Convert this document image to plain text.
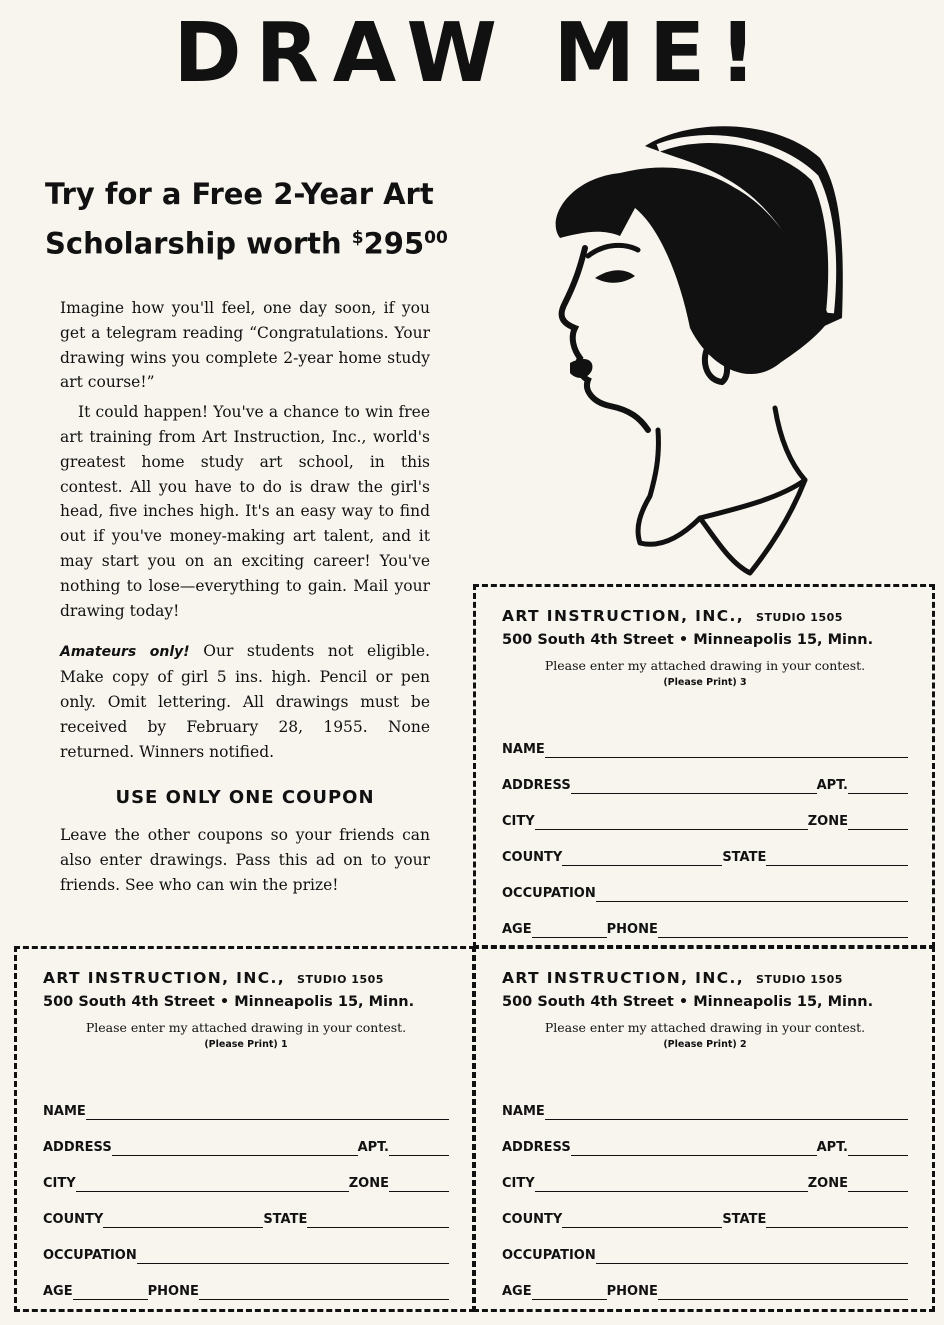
DRAW ME!
Try for a Free 2-Year Art
Scholarship worth $^{\$}295^{00}$

Imagine how you'll feel, one day soon, if you get a telegram reading “Congratulations. Your drawing wins you complete 2-year home study art course!”

It could happen! You've a chance to win free art training from Art Instruction, Inc., world's greatest home study art school, in this contest. All you have to do is draw the girl's head, five inches high. It's an easy way to find out if you've money-making art talent, and it may start you on an exciting career! You've nothing to lose—everything to gain. Mail your drawing today!

Amateurs only! Our students not eligible. Make copy of girl 5 ins. high. Pencil or pen only. Omit lettering. All drawings must be received by February 28, 1955. None returned. Winners notified.

USE ONLY ONE COUPON

Leave the other coupons so your friends can also enter drawings. Pass this ad on to your friends. See who can win the prize!

ART INSTRUCTION, INC., STUDIO 1505
500 South 4th Street • Minneapolis 15, Minn.
Please enter my attached drawing in your contest.
(Please Print) 3
NAME
ADDRESS	APT.
CITY	ZONE
COUNTY	STATE
OCCUPATION
AGE	PHONE
ART INSTRUCTION, INC., STUDIO 1505
500 South 4th Street • Minneapolis 15, Minn.
Please enter my attached drawing in your contest.
(Please Print) 1
NAME
ADDRESS	APT.
CITY	ZONE
COUNTY	STATE
OCCUPATION
AGE	PHONE
ART INSTRUCTION, INC., STUDIO 1505
500 South 4th Street • Minneapolis 15, Minn.
Please enter my attached drawing in your contest.
(Please Print) 2
NAME
ADDRESS	APT.
CITY	ZONE
COUNTY	STATE
OCCUPATION
AGE	PHONE
